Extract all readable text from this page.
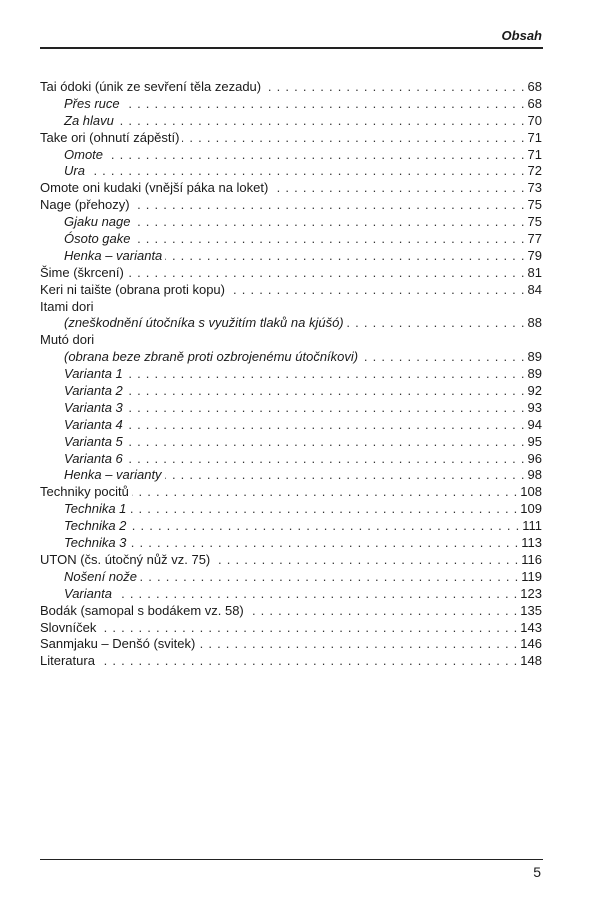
Obsah
Tai ódoki (únik ze sevření těla zezadu) . . .	68
Přes ruce . . .	68
Za hlavu . . .	70
Take ori (ohnutí zápěstí) . . .	71
Omote . . .	71
Ura . . .	72
Omote oni kudaki (vnější páka na loket) . . .	73
Nage (přehozy) . . .	75
Gjaku nage . . .	75
Ósoto gake . . .	77
Henka – varianta . . .	79
Šime (škrcení) . . .	81
Keri ni taište (obrana proti kopu) . . .	84
Itami dori
(zneškodnění útočníka s využitím tlaků na kjúšó) . . .	88
Mutó dori
(obrana beze zbraně proti ozbrojenému útočníkovi) . . .	89
Varianta 1 . . .	89
Varianta 2 . . .	92
Varianta 3 . . .	93
Varianta 4 . . .	94
Varianta 5 . . .	95
Varianta 6 . . .	96
Henka – varianty . . .	98
Techniky pocitů . . .	108
Technika 1 . . .	109
Technika 2 . . .	111
Technika 3 . . .	113
UTON (čs. útočný nůž vz. 75) . . .	116
Nošení nože . . .	119
Varianta . . .	123
Bodák (samopal s bodákem vz. 58) . . .	135
Slovníček . . .	143
Sanmjaku – Denšó (svitek) . . .	146
Literatura . . .	148
5
